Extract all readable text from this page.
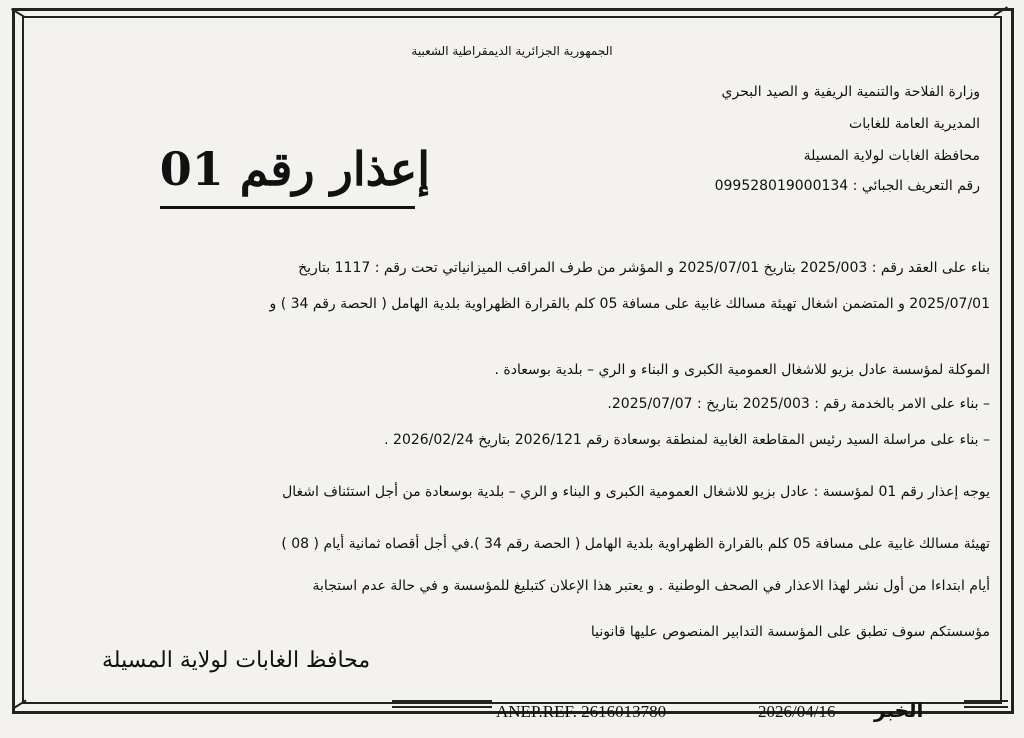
الجمهورية الجزائرية الديمقراطية الشعبية
وزارة الفلاحة والتنمية الريفية و الصيد البحري
المديرية العامة للغابات
محافظة الغابات لولاية المسيلة
رقم التعريف الجبائي : 099528019000134
إعذار رقم 01
بناء على العقد رقم : 2025/003 بتاريخ 2025/07/01 و المؤشر من طرف المراقب الميزانياتي تحت رقم : 1117 بتاريخ
2025/07/01 و المتضمن اشغال تهيئة مسالك غابية على مسافة 05 كلم بالقرارة الظهراوية بلدية الهامل ( الحصة رقم 34 ) و
الموكلة لمؤسسة عادل بزيو للاشغال العمومية الكبرى و البناء و الري – بلدية بوسعادة .
– بناء على الامر بالخدمة رقم : 2025/003 بتاريخ : 2025/07/07.
– بناء على مراسلة السيد رئيس المقاطعة الغابية لمنطقة بوسعادة رقم 2026/121 بتاريخ 2026/02/24 .
يوجه إعذار رقم 01 لمؤسسة : عادل بزيو للاشغال العمومية الكبرى و البناء و الري – بلدية بوسعادة من أجل استئناف اشغال
تهيئة مسالك غابية على مسافة 05 كلم بالقرارة الظهراوية بلدية الهامل ( الحصة رقم 34 ).في أجل أقصاه ثمانية أيام ( 08 )
أيام ابتداءا من أول نشر لهذا الاعذار في الصحف الوطنية . و يعتبر هذا الإعلان كتبليغ للمؤسسة و في حالة عدم استجابة
مؤسستكم سوف تطبق على المؤسسة التدابير المنصوص عليها قانونيا
محافظ الغابات لولاية المسيلة
ANEP.REF. 2616013780	2026/04/16 الخبر
